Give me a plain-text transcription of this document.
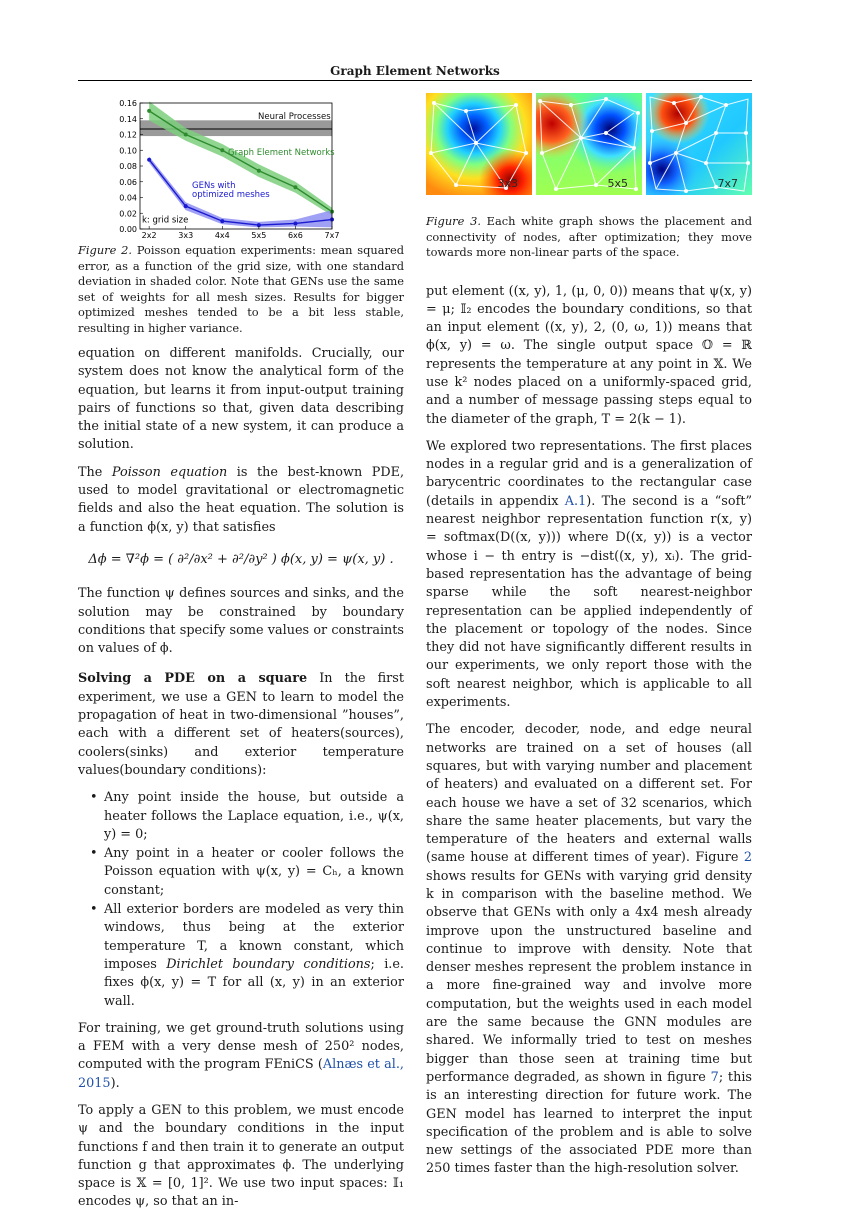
Graph Element Networks
0.16
0.14
0.12
0.10
0.08
0.06
0.04
0.02
0.00
2x2	3x3	4x4	5x5	6x6	7x7
Neural Processes
Graph Element Networks
GENs with
optimized meshes
k: grid size
3x3	5x5	7x7

Figure 2. Poisson equation experiments: mean squared error, as a function of the grid size, with one standard deviation in shaded color. Note that GENs use the same set of weights for all mesh sizes. Results for bigger optimized meshes tended to be a bit less stable, resulting in higher variance.

equation on different manifolds. Crucially, our system does not know the analytical form of the equation, but learns it from input-output training pairs of functions so that, given data describing the initial state of a new system, it can produce a solution.

The Poisson equation is the best-known PDE, used to model gravitational or electromagnetic fields and also the heat equation. The solution is a function ϕ(x, y) that satisfies

Δϕ = ∇²ϕ = ( ∂²/∂x² + ∂²/∂y² ) ϕ(x, y) = ψ(x, y) .

The function ψ defines sources and sinks, and the solution may be constrained by boundary conditions that specify some values or constraints on values of ϕ.

Solving a PDE on a square In the first experiment, we use a GEN to learn to model the propagation of heat in two-dimensional ”houses”, each with a different set of heaters(sources), coolers(sinks) and exterior temperature values(boundary conditions):

• Any point inside the house, but outside a heater follows the Laplace equation, i.e., ψ(x, y) = 0;
• Any point in a heater or cooler follows the Poisson equation with ψ(x, y) = Cₕ, a known constant;
• All exterior borders are modeled as very thin windows, thus being at the exterior temperature T, a known constant, which imposes Dirichlet boundary conditions; i.e. fixes ϕ(x, y) = T for all (x, y) in an exterior wall.

For training, we get ground-truth solutions using a FEM with a very dense mesh of 250² nodes, computed with the program FEniCS (Alnæs et al., 2015).

To apply a GEN to this problem, we must encode ψ and the boundary conditions in the input functions f and then train it to generate an output function g that approximates ϕ. The underlying space is 𝕏 = [0, 1]². We use two input spaces: 𝕀₁ encodes ψ, so that an in-

Figure 3. Each white graph shows the placement and connectivity of nodes, after optimization; they move towards more non-linear parts of the space.

put element ((x, y), 1, (μ, 0, 0)) means that ψ(x, y) = μ; 𝕀₂ encodes the boundary conditions, so that an input element ((x, y), 2, (0, ω, 1)) means that ϕ(x, y) = ω. The single output space 𝕆 = ℝ represents the temperature at any point in 𝕏. We use k² nodes placed on a uniformly-spaced grid, and a number of message passing steps equal to the diameter of the graph, T = 2(k − 1).

We explored two representations. The first places nodes in a regular grid and is a generalization of barycentric coordinates to the rectangular case (details in appendix A.1). The second is a “soft” nearest neighbor representation function r(x, y) = softmax(D((x, y))) where D((x, y)) is a vector whose i − th entry is −dist((x, y), xᵢ). The grid-based representation has the advantage of being sparse while the soft nearest-neighbor representation can be applied independently of the placement or topology of the nodes. Since they did not have significantly different results in our experiments, we only report those with the soft nearest neighbor, which is applicable to all experiments.

The encoder, decoder, node, and edge neural networks are trained on a set of houses (all squares, but with varying number and placement of heaters) and evaluated on a different set. For each house we have a set of 32 scenarios, which share the same heater placements, but vary the temperature of the heaters and external walls (same house at different times of year). Figure 2 shows results for GENs with varying grid density k in comparison with the baseline method. We observe that GENs with only a 4x4 mesh already improve upon the unstructured baseline and continue to improve with density. Note that denser meshes represent the problem instance in a more fine-grained way and involve more computation, but the weights used in each model are the same because the GNN modules are shared. We informally tried to test on meshes bigger than those seen at training time but performance degraded, as shown in figure 7; this is an interesting direction for future work. The GEN model has learned to interpret the input specification of the problem and is able to solve new settings of the associated PDE more than 250 times faster than the high-resolution solver.
